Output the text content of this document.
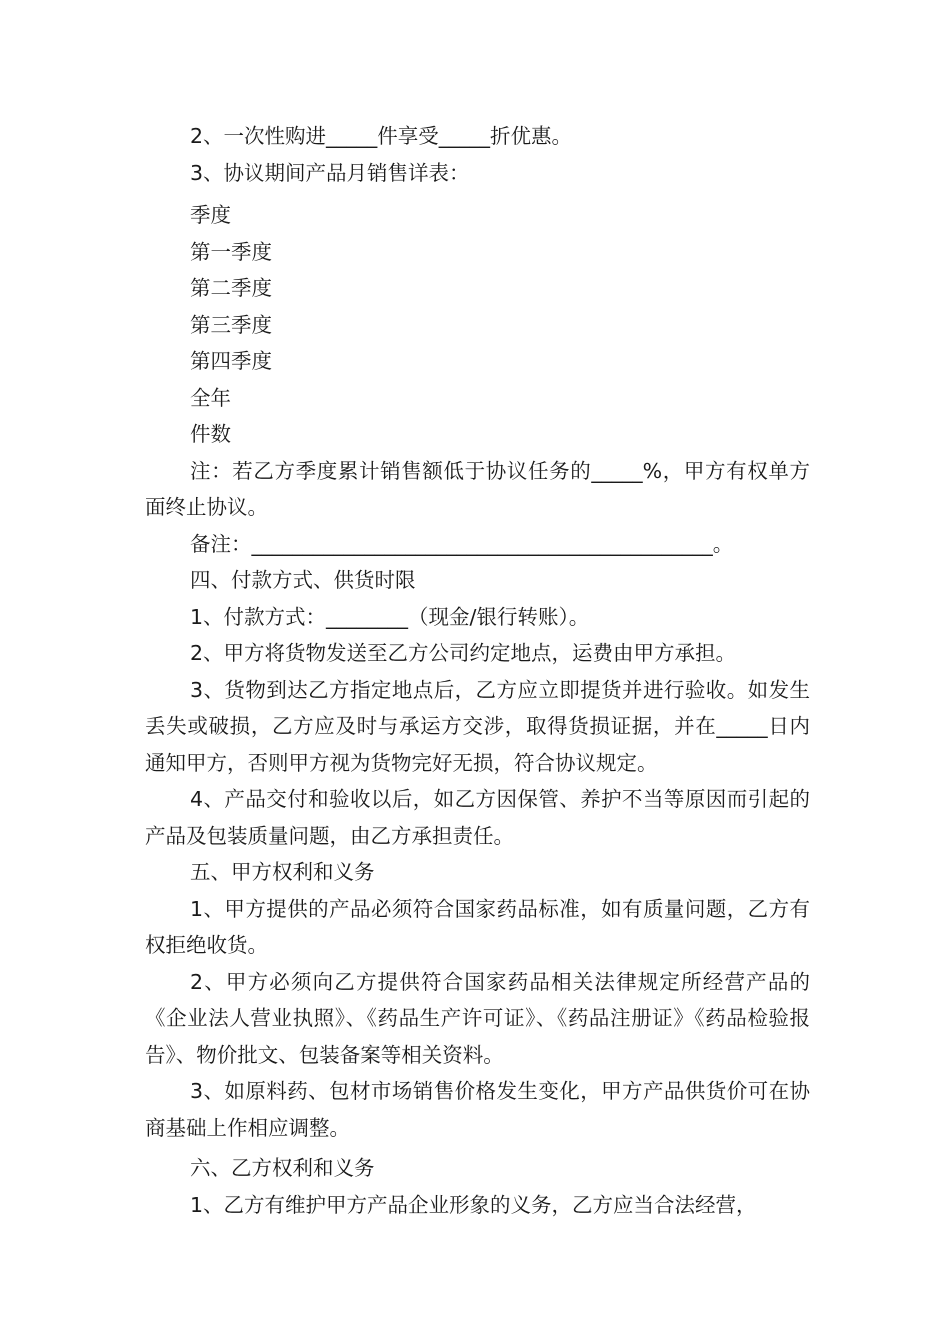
2、一次性购进_____件享受_____折优惠。

3、协议期间产品月销售详表：

季度

第一季度

第二季度

第三季度

第四季度

全年

件数

注：若乙方季度累计销售额低于协议任务的_____%，甲方有权单方面终止协议。

备注：_____________________________________________。

四、付款方式、供货时限

1、付款方式：________（现金/银行转账）。

2、甲方将货物发送至乙方公司约定地点，运费由甲方承担。

3、货物到达乙方指定地点后，乙方应立即提货并进行验收。如发生丢失或破损，乙方应及时与承运方交涉，取得货损证据，并在_____日内通知甲方，否则甲方视为货物完好无损，符合协议规定。

4、产品交付和验收以后，如乙方因保管、养护不当等原因而引起的产品及包装质量问题，由乙方承担责任。

五、甲方权利和义务

1、甲方提供的产品必须符合国家药品标准，如有质量问题，乙方有权拒绝收货。

2、甲方必须向乙方提供符合国家药品相关法律规定所经营产品的《企业法人营业执照》、《药品生产许可证》、《药品注册证》《药品检验报告》、物价批文、包装备案等相关资料。

3、如原料药、包材市场销售价格发生变化，甲方产品供货价可在协商基础上作相应调整。

六、乙方权利和义务

1、乙方有维护甲方产品企业形象的义务，乙方应当合法经营，
